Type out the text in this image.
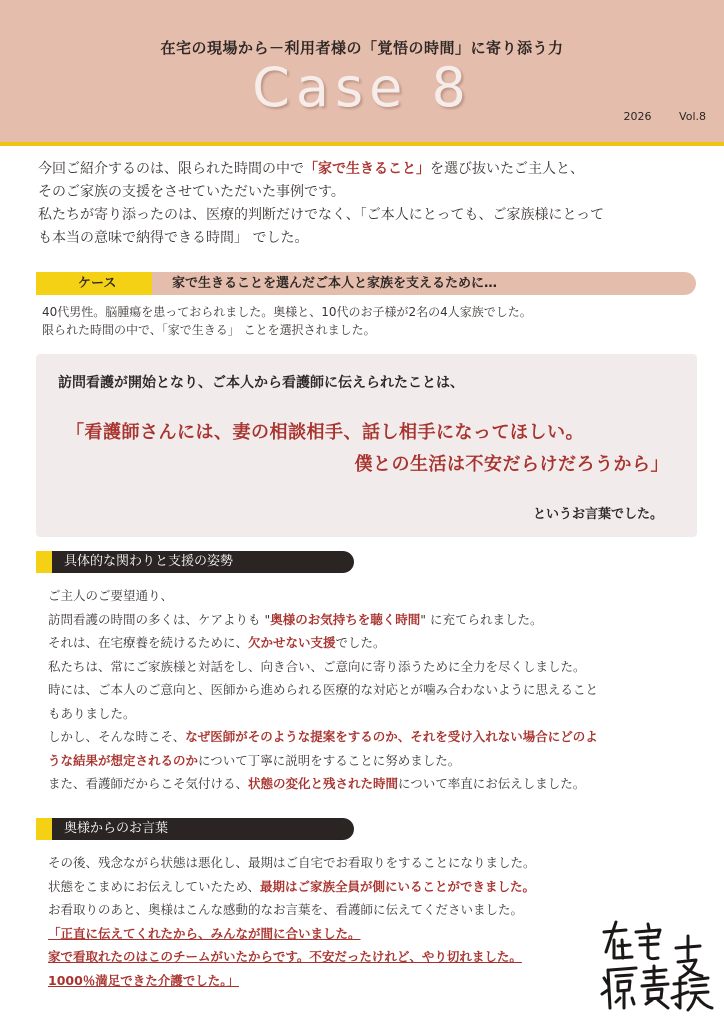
在宅の現場から－利用者様の「覚悟の時間」に寄り添う力
Case 8	2026	Vol.8
今回ご紹介するのは、限られた時間の中で「家で生きること」を選び抜いたご主人と、
そのご家族の支援をさせていただいた事例です。
私たちが寄り添ったのは、医療的判断だけでなく、「ご本人にとっても、ご家族様にとって
も本当の意味で納得できる時間」 でした。
ケース	家で生きることを選んだご本人と家族を支えるために…
40代男性。脳腫瘍を患っておられました。奥様と、10代のお子様が2名の4人家族でした。
限られた時間の中で、「家で生きる」 ことを選択されました。
訪問看護が開始となり、ご本人から看護師に伝えられたことは、
「看護師さんには、妻の相談相手、話し相手になってほしい。
僕との生活は不安だらけだろうから」
というお言葉でした。
具体的な関わりと支援の姿勢
ご主人のご要望通り、
訪問看護の時間の多くは、ケアよりも "奥様のお気持ちを聴く時間" に充てられました。
それは、在宅療養を続けるために、欠かせない支援でした。
私たちは、常にご家族様と対話をし、向き合い、ご意向に寄り添うために全力を尽くしました。
時には、ご本人のご意向と、医師から進められる医療的な対応とが噛み合わないように思えること
もありました。
しかし、そんな時こそ、なぜ医師がそのような提案をするのか、それを受け入れない場合にどのよ
うな結果が想定されるのかについて丁寧に説明をすることに努めました。
また、看護師だからこそ気付ける、状態の変化と残された時間について率直にお伝えしました。
奥様からのお言葉
その後、残念ながら状態は悪化し、最期はご自宅でお看取りをすることになりました。
状態をこまめにお伝えしていたため、最期はご家族全員が側にいることができました。
お看取りのあと、奥様はこんな感動的なお言葉を、看護師に伝えてくださいました。
「正直に伝えてくれたから、みんなが間に合いました。
家で看取れたのはこのチームがいたからです。不安だったけれど、やり切れました。
1000％満足できた介護でした。」
